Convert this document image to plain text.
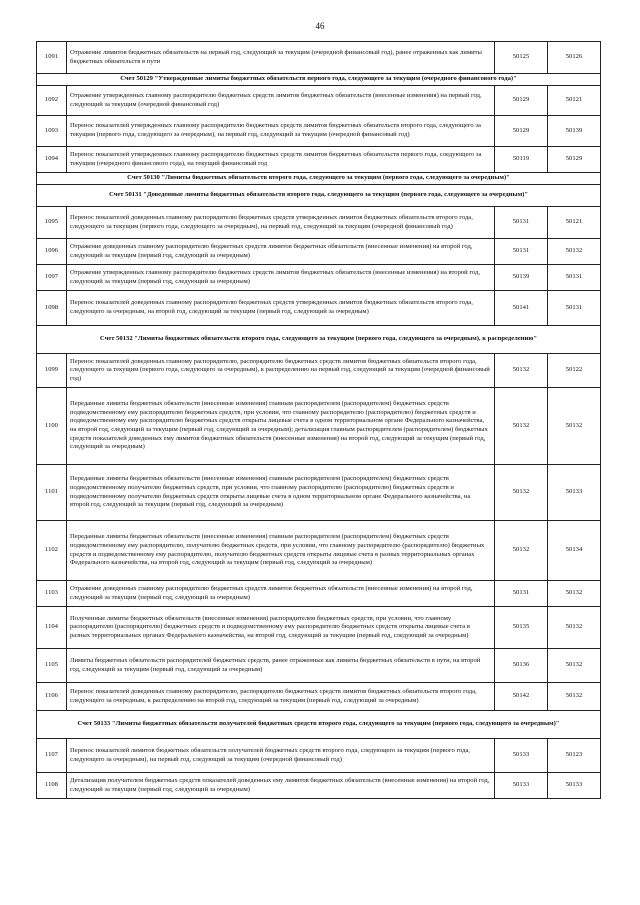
46
1091	Отражение лимитов бюджетных обязательств на первый год, следующий за текущим (очередной финансовый год), ранее отраженных как лимиты бюджетных обязательств в пути	50125	50126
Счет 50129 "Утвержденные лимиты бюджетных обязательств первого года, следующего за текущим (очередного финансового года)"			
1092	Отражение утвержденных главному распорядителю бюджетных средств лимитов бюджетных обязательств (внесенные изменения) на первый год, следующий за текущим (очередной финансовый год)	50129	50121
1093	Перенос показателей утвержденных главному распорядителю бюджетных средств лимитов бюджетных обязательств второго года, следующего за текущим (первого года, следующего за очередным), на первый год, следующий за текущим (очередной финансовый год)	50129	50139
1094	Перенос показателей утвержденных главному распорядителю бюджетных средств лимитов бюджетных обязательств первого года, следующего за текущим (очередного финансового года), на текущий финансовый год	50119	50129
Счет 50130 "Лимиты бюджетных обязательств второго года, следующего за текущим (первого года, следующего за очередным)"			
Счет 50131 "Доведенные лимиты бюджетных обязательств второго года, следующего за текущим (первого года, следующего за очередным)"			
1095	Перенос показателей доведенных главному распорядителю бюджетных средств утвержденных лимитов бюджетных обязательств второго года, следующего за текущим (первого года, следующего за очередным), на первый год, следующий за текущим (очередной финансовый год)	50131	50121
1096	Отражение доведенных главному распорядителю бюджетных средств лимитов бюджетных обязательств (внесенные изменения) на второй год, следующий за текущим (первый год, следующий за очередным)	50131	50132
1097	Отражение утвержденных главному распорядителю бюджетных средств лимитов бюджетных обязательств (внесенные изменения) на второй год, следующий за текущим (первый год, следующий за очередным)	50139	50131
1098	Перенос показателей доведенных главному распорядителю бюджетных средств утвержденных лимитов бюджетных обязательств второго года, следующего за очередным, на второй год, следующий за текущим (первый год, следующий за очередным)	50141	50131
Счет 50132 "Лимиты бюджетных обязательств второго года, следующего за текущим (первого года, следующего за очередным), к распределению"			
1099	Перенос показателей доведенных главному распорядителю, распорядителю бюджетных средств лимитов бюджетных обязательств второго года, следующего за текущим (первого года, следующего за очередным), к распределению на первый год, следующий за текущим (очередной финансовый год)	50132	50122
1100	Переданные лимиты бюджетных обязательств (внесенные изменения) главным распорядителем (распорядителем) бюджетных средств подведомственному ему распорядителю бюджетных средств, при условии, что главному распорядителю (распорядителю) бюджетных средств и подведомственному ему распорядителю бюджетных средств открыты лицевые счета в одном территориальном органе Федерального казначейства, на второй год, следующий за текущим (первый год, следующий за очередным); детализация главным распорядителем (распорядителем) бюджетных средств показателей доведенных ему лимитов бюджетных обязательств (внесенные изменения) на второй год, следующий за текущим (первый год, следующий за очередным)	50132	50132
1101	Переданные лимиты бюджетных обязательств (внесенные изменения) главным распорядителем (распорядителем) бюджетных средств подведомственному получателю бюджетных средств, при условии, что главному распорядителю (распорядителю) бюджетных средств и подведомственному получателю бюджетных средств открыты лицевые счета в одном территориальном органе Федерального казначейства, на второй год, следующий за текущим (первый год, следующий за очередным)	50132	50133
1102	Переданные лимиты бюджетных обязательств (внесенные изменения) главным распорядителем (распорядителем) бюджетных средств подведомственному ему распорядителю, получателю бюджетных средств, при условии, что главному распорядителю (распорядителю) бюджетных средств и подведомственному ему распорядителю, получателю бюджетных средств открыты лицевые счета в разных территориальных органах Федерального казначейства, на второй год, следующий за текущим (первый год, следующий за очередным)	50132	50134
1103	Отражение доведенных главному распорядителю бюджетных средств лимитов бюджетных обязательств (внесенные изменения) на второй год, следующий за текущим (первый год, следующий за очередным)	50131	50132
1104	Полученные лимиты бюджетных обязательств (внесенные изменения) распорядителем бюджетных средств, при условии, что главному распорядителю (распорядителю) бюджетных средств и подведомственному ему распорядителю бюджетных средств открыты лицевые счета в разных территориальных органах Федерального казначейства, на второй год, следующий за текущим (первый год, следующий за очередным)	50135	50132
1105	Лимиты бюджетных обязательств распорядителей бюджетных средств, ранее отраженные как лимиты бюджетных обязательств в пути, на второй год, следующий за текущим (первый год, следующий за очередным)	50136	50132
1106	Перенос показателей доведенных главному распорядителю, распорядителю бюджетных средств лимитов бюджетных обязательств второго года, следующего за очередным, к распределению на второй год, следующий за текущим (первый год, следующий за очередным)	50142	50132
Счет 50133 "Лимиты бюджетных обязательств получателей бюджетных средств второго года, следующего за текущим (первого года, следующего за очередным)"			
1107	Перенос показателей лимитов бюджетных обязательств получателей бюджетных средств второго года, следующего за текущим (первого года, следующего за очередным), на первый год, следующий за текущим (очередной финансовый год)	50133	50123
1108	Детализация получателем бюджетных средств показателей доведенных ему лимитов бюджетных обязательств (внесенные изменения) на второй год, следующий за текущим (первый год, следующий за очередным)	50133	50133
